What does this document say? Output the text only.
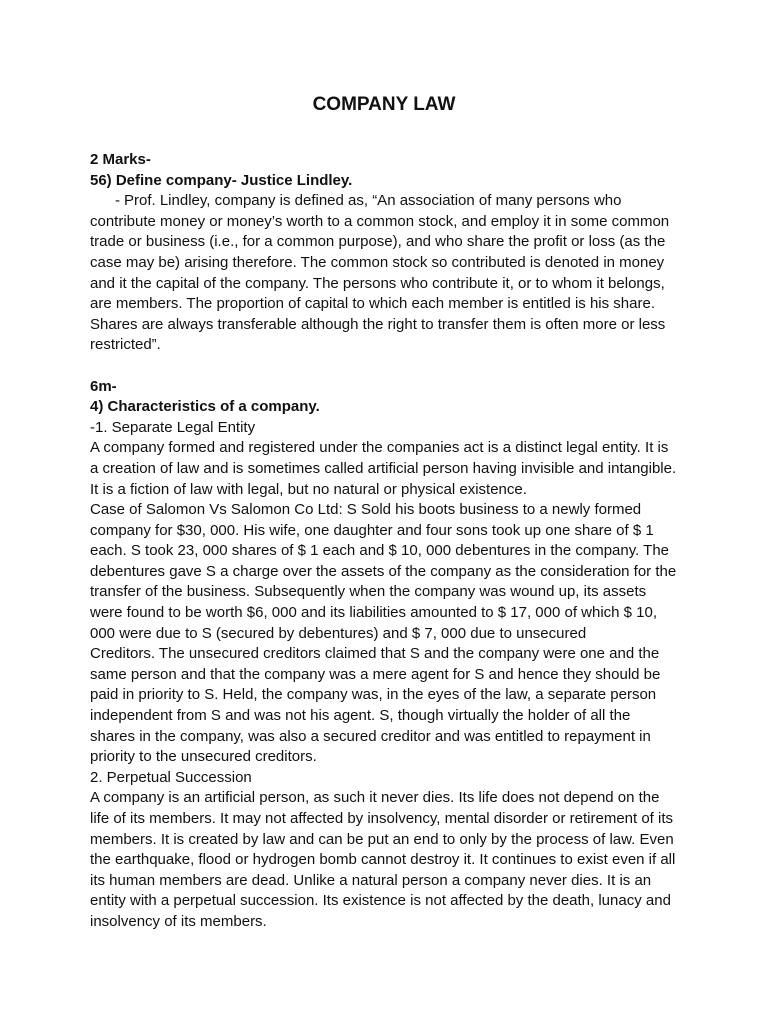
COMPANY LAW

2 Marks-

56) Define company- Justice Lindley.

- Prof. Lindley, company is defined as, “An association of many persons who

contribute money or money’s worth to a common stock, and employ it in some common trade or business (i.e., for a common purpose), and who share the profit or loss (as the case may be) arising therefore. The common stock so contributed is denoted in money and it the capital of the company. The persons who contribute it, or to whom it belongs, are members. The proportion of capital to which each member is entitled is his share. Shares are always transferable although the right to transfer them is often more or less restricted”.

6m-

4) Characteristics of a company.

-1. Separate Legal Entity

A company formed and registered under the companies act is a distinct legal entity. It is a creation of law and is sometimes called artificial person having invisible and intangible. It is a fiction of law with legal, but no natural or physical existence.

Case of Salomon Vs Salomon Co Ltd: S Sold his boots business to a newly formed company for $30, 000. His wife, one daughter and four sons took up one share of $ 1 each. S took 23, 000 shares of $ 1 each and $ 10, 000 debentures in the company. The debentures gave S a charge over the assets of the company as the consideration for the transfer of the business. Subsequently when the company was wound up, its assets were found to be worth $6, 000 and its liabilities amounted to $ 17, 000 of which $ 10, 000 were due to S (secured by debentures) and $ 7, 000 due to unsecured

Creditors. The unsecured creditors claimed that S and the company were one and the same person and that the company was a mere agent for S and hence they should be paid in priority to S. Held, the company was, in the eyes of the law, a separate person independent from S and was not his agent. S, though virtually the holder of all the shares in the company, was also a secured creditor and was entitled to repayment in priority to the unsecured creditors.

2. Perpetual Succession

A company is an artificial person, as such it never dies. Its life does not depend on the life of its members. It may not affected by insolvency, mental disorder or retirement of its members. It is created by law and can be put an end to only by the process of law. Even the earthquake, flood or hydrogen bomb cannot destroy it. It continues to exist even if all its human members are dead. Unlike a natural person a company never dies. It is an entity with a perpetual succession. Its existence is not affected by the death, lunacy and insolvency of its members.
